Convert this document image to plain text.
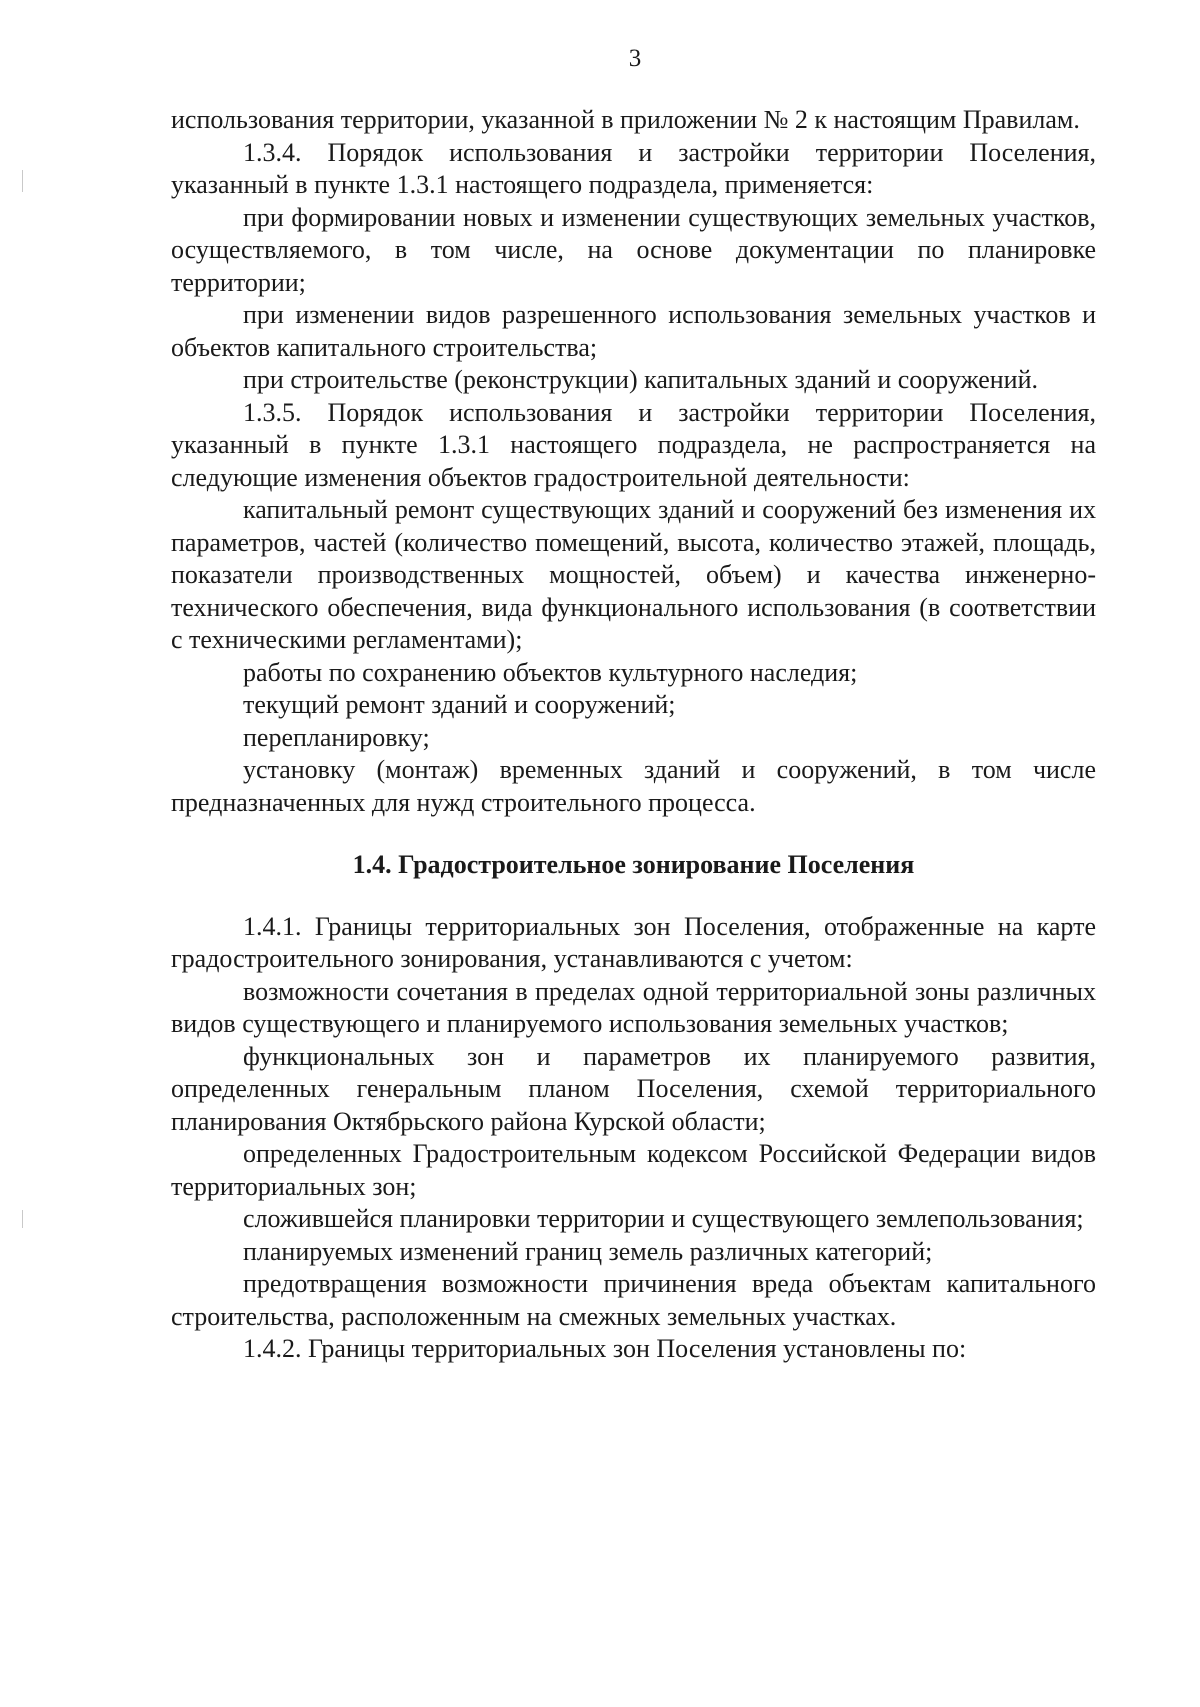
3

использования территории, указанной в приложении № 2 к настоящим Правилам.

1.3.4. Порядок использования и застройки территории Поселения, указанный в пункте 1.3.1 настоящего подраздела, применяется:

при формировании новых и изменении существующих земельных участков, осуществляемого, в том числе, на основе документации по планировке территории;

при изменении видов разрешенного использования земельных участков и объектов капитального строительства;

при строительстве (реконструкции) капитальных зданий и сооружений.

1.3.5. Порядок использования и застройки территории Поселения, указанный в пункте 1.3.1 настоящего подраздела, не распространяется на следующие изменения объектов градостроительной деятельности:

капитальный ремонт существующих зданий и сооружений без изменения их параметров, частей (количество помещений, высота, количество этажей, площадь, показатели производственных мощностей, объем) и качества инженерно-технического обеспечения, вида функционального использования (в соответствии с техническими регламентами);

работы по сохранению объектов культурного наследия;

текущий ремонт зданий и сооружений;

перепланировку;

установку (монтаж) временных зданий и сооружений, в том числе предназначенных для нужд строительного процесса.

1.4. Градостроительное зонирование Поселения

1.4.1. Границы территориальных зон Поселения, отображенные на карте градостроительного зонирования, устанавливаются с учетом:

возможности сочетания в пределах одной территориальной зоны различных видов существующего и планируемого использования земельных участков;

функциональных зон и параметров их планируемого развития, определенных генеральным планом Поселения, схемой территориального планирования Октябрьского района Курской области;

определенных Градостроительным кодексом Российской Федерации видов территориальных зон;

сложившейся планировки территории и существующего землепользования;

планируемых изменений границ земель различных категорий;

предотвращения возможности причинения вреда объектам капитального строительства, расположенным на смежных земельных участках.

1.4.2. Границы территориальных зон Поселения установлены по:
